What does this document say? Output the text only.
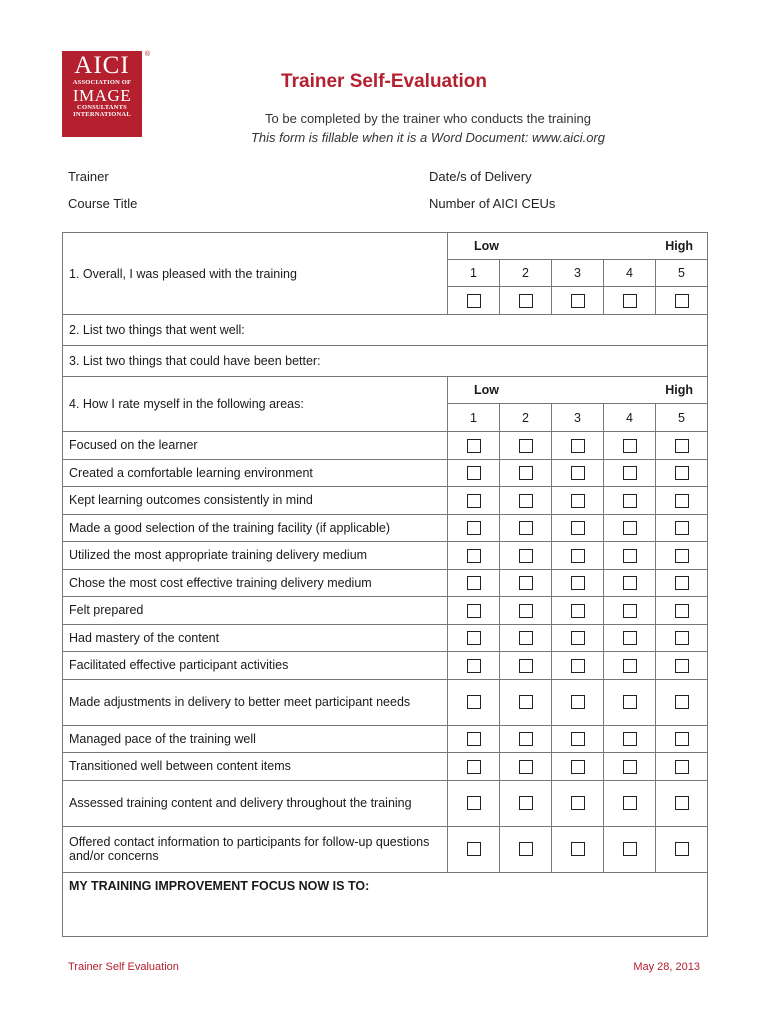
AICI
ASSOCIATION OF
IMAGE
CONSULTANTS
INTERNATIONAL
®
Trainer Self-Evaluation
To be completed by the trainer who conducts the training
This form is fillable when it is a Word Document: www.aici.org
Trainer
Course Title
Date/s of Delivery
Number of AICI CEUs
1. Overall, I was pleased with the training	Low High				

	1	2	3	4	5

2. List two things that went well:					
3. List two things that could have been better:					
4. How I rate myself in the following areas:	Low High				

	1	2	3	4	5
Focused on the learner					
Created a comfortable learning environment					
Kept learning outcomes consistently in mind					
Made a good selection of the training facility (if applicable)					
Utilized the most appropriate training delivery medium					
Chose the most cost effective training delivery medium					
Felt prepared					
Had mastery of the content					
Facilitated effective participant activities					
Made adjustments in delivery to better meet participant needs					
Managed pace of the training well					
Transitioned well between content items					
Assessed training content and delivery throughout the training					
Offered contact information to participants for follow-up questions and/or concerns					

MY TRAINING IMPROVEMENT FOCUS NOW IS TO:					
Trainer Self Evaluation	May 28, 2013
